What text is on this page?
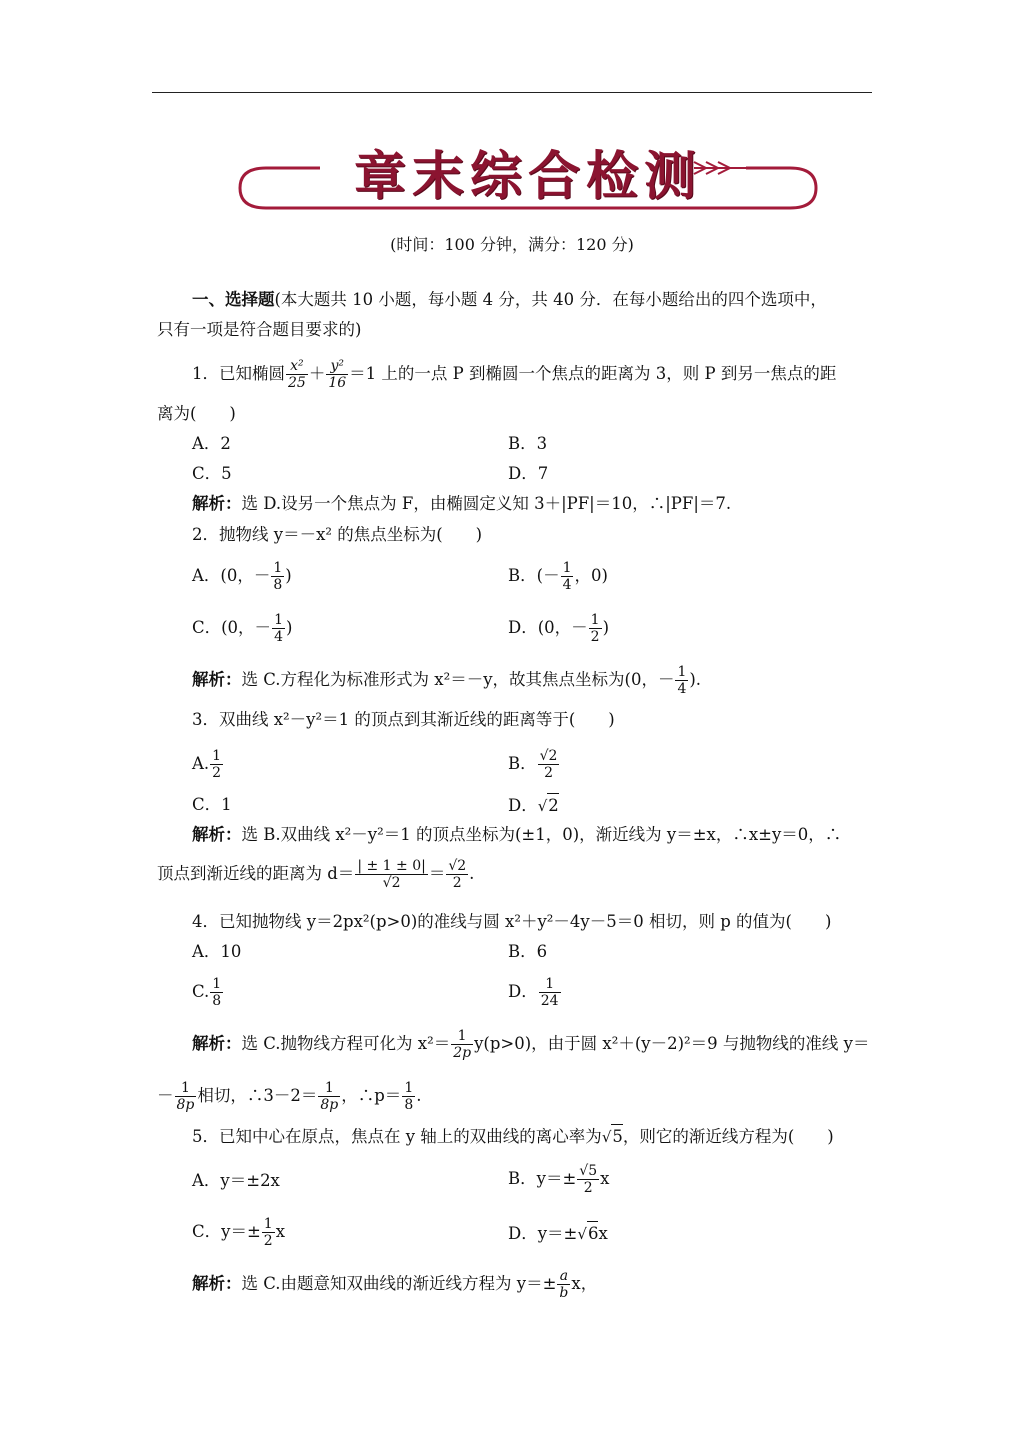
章末综合检测
(时间：100 分钟，满分：120 分)
一、选择题(本大题共 10 小题，每小题 4 分，共 40 分．在每小题给出的四个选项中，
只有一项是符合题目要求的)
1．已知椭圆 $\frac{\text{x²}}{25} + \frac{\text{y²}}{16} =1$ 上的一点 P 到椭圆一个焦点的距离为 3，则 P 到另一焦点的距
离为(　　)
A．2	B．3
C．5	D．7
解析：选 D.设另一个焦点为 F，由椭圆定义知 3＋|PF|＝10，∴|PF|＝7.
2．抛物线 y＝－x² 的焦点坐标为(　　)
A．(0，－ $\frac{1}{8}$ )	B．(－ $\frac{1}{4}$ ，0)
C．(0，－ $\frac{1}{4}$ )	D．(0，－ $\frac{1}{2}$ )
解析：选 C.方程化为标准形式为 x²＝－y，故其焦点坐标为(0，－ $\frac{1}{4}$ ).
3．双曲线 x²－y²＝1 的顶点到其渐近线的距离等于(　　)
A. $\frac{1}{2}$	B． $\frac{√2}{2}$
C．1	D．√2
解析：选 B.双曲线 x²－y²＝1 的顶点坐标为(±1，0)，渐近线为 y＝±x，∴x±y＝0，∴
顶点到渐近线的距离为 $d= \frac{| \pm 1 \pm 0|}{√2} = \frac{√2}{2}$ .
4．已知抛物线 y＝2px²(p>0)的准线与圆 x²＋y²－4y－5＝0 相切，则 p 的值为(　　)
A．10	B．6
C. $\frac{1}{8}$	D． $\frac{1}{24}$
解析：选 C.抛物线方程可化为 $x^2= \frac{1}{2p} y(p>0)$，由于圆 x²＋(y－2)²＝9 与抛物线的准线 y＝
－ $\frac{1}{8p}$ 相切，∴3－2＝ $\frac{1}{8p}$ ，∴p＝ $\frac{1}{8}$ .
5．已知中心在原点，焦点在 y 轴上的双曲线的离心率为√5，则它的渐近线方程为(　　)
A．y＝±2x	B．$y=\pm \frac{√5}{2}$ x
C．$y=\pm \frac{1}{2}$ x	D．y＝±√6x
解析：选 C.由题意知双曲线的渐近线方程为 $y=\pm \frac{a}{b}$ x，
